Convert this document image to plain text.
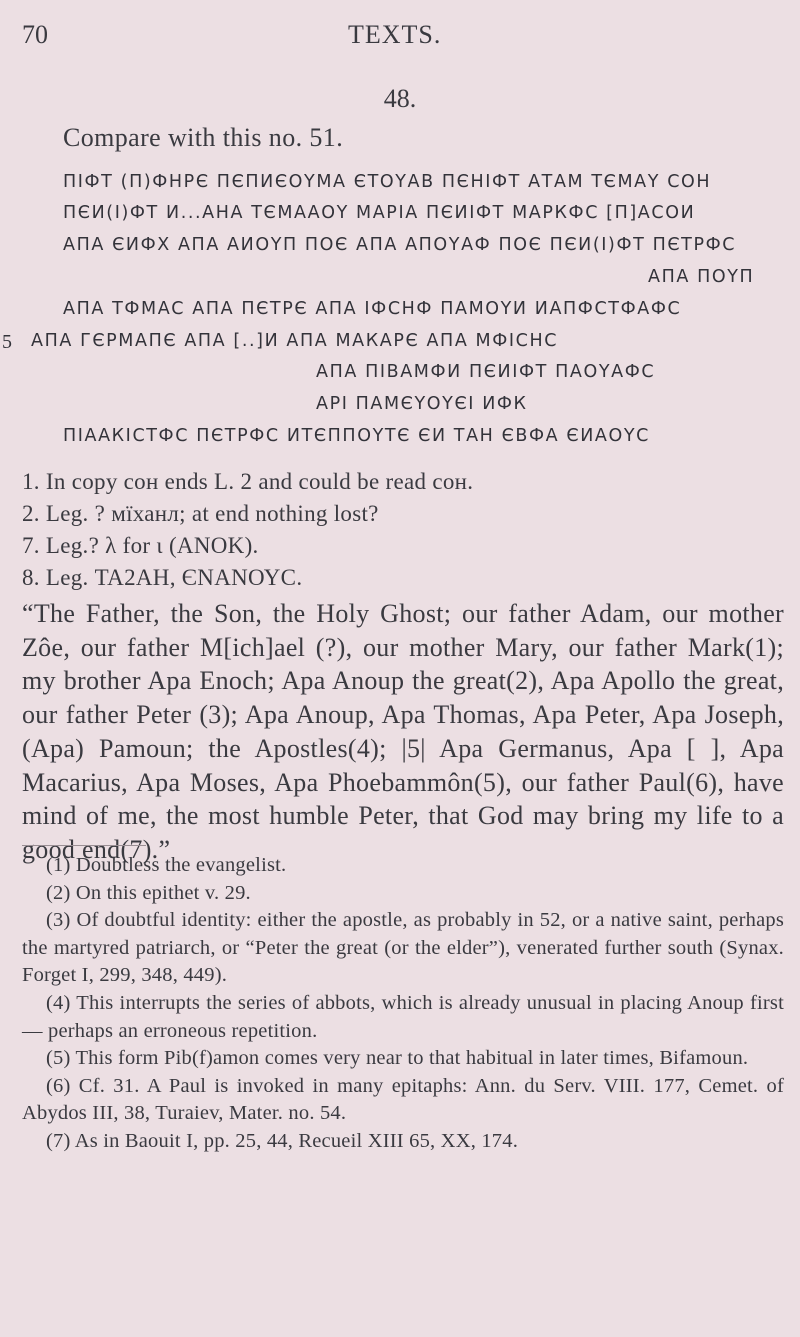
70	TEXTS.
48.
Compare with this no. 51.
ПІФТ (П)ФНРЄ ПЄПИЄОYМА ЄТОYАВ ПЄНІФТ АТАМ ТЄМАY СОН
ПЄИ(І)ФТ И...АНА ТЄМААОY МАРІА ПЄИІФТ МАРКФС [П]АСОИ
АПА ЄИФХ АПА АИОYП ПОЄ АПА АПОYАФ ПОЄ ПЄИ(І)ФТ ПЄТРФС
АПА ПОYП
АПА ТФМАС АПА ПЄТРЄ АПА ІФСНФ ПАМОYИ ИАПФСТФАФС
5 АПА ГЄРМАПЄ АПА [..]И АПА МАКАРЄ АПА МФІСНС
АПА ПІВАМФИ ПЄИІФТ ПАОYАФС
АРІ ПАМЄYОYЄІ ИФК
ПІААКІСТФС ПЄТРФС ИТЄППОYТЄ ЄИ ТАН ЄВФА ЄИАОYС
1. In copy сон ends L. 2 and could be read сон.
2. Leg. ? мїханл; at end nothing lost?
7. Leg.? λ for ι (ΑΝΟΚ).
8. Leg. ΤΑ2ΑΗ, ЄΝΑΝΟΥС.
“The Father, the Son, the Holy Ghost; our father Adam, our mother Zôe, our father M[ich]ael (?), our mother Mary, our father Mark(1); my brother Apa Enoch; Apa Anoup the great(2), Apa Apollo the great, our father Peter (3); Apa Anoup, Apa Thomas, Apa Peter, Apa Joseph, (Apa) Pamoun; the Apostles(4); |5| Apa Germanus, Apa [ ], Apa Macarius, Apa Moses, Apa Phoebammôn(5), our father Paul(6), have mind of me, the most humble Peter, that God may bring my life to a good end(7).”
(1) Doubtless the evangelist.
(2) On this epithet v. 29.
(3) Of doubtful identity: either the apostle, as probably in 52, or a native saint, perhaps the martyred patriarch, or “Peter the great (or the elder”), venerated further south (Synax. Forget I, 299, 348, 449).
(4) This interrupts the series of abbots, which is already unusual in placing Anoup first — perhaps an erroneous repetition.
(5) This form Pib(f)amon comes very near to that habitual in later times, Bifamoun.
(6) Cf. 31. A Paul is invoked in many epitaphs: Ann. du Serv. VIII. 177, Cemet. of Abydos III, 38, Turaiev, Mater. no. 54.
(7) As in Baouit I, pp. 25, 44, Recueil XIII 65, XX, 174.
